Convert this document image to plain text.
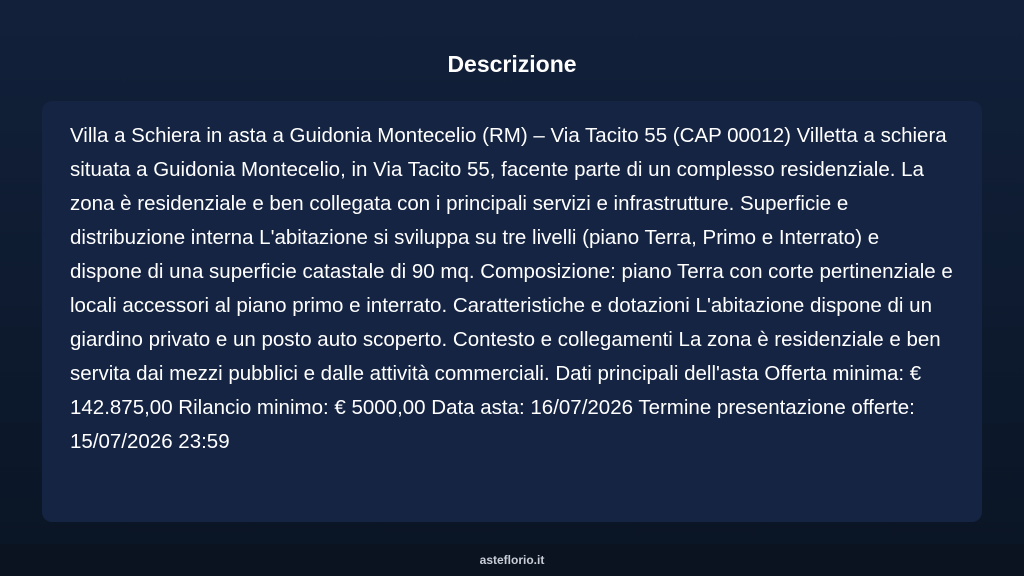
Descrizione

Villa a Schiera in asta a Guidonia Montecelio (RM) – Via Tacito 55 (CAP 00012) Villetta a schiera situata a Guidonia Montecelio, in Via Tacito 55, facente parte di un complesso residenziale. La zona è residenziale e ben collegata con i principali servizi e infrastrutture. Superficie e distribuzione interna L'abitazione si sviluppa su tre livelli (piano Terra, Primo e Interrato) e dispone di una superficie catastale di 90 mq. Composizione: piano Terra con corte pertinenziale e locali accessori al piano primo e interrato. Caratteristiche e dotazioni L'abitazione dispone di un giardino privato e un posto auto scoperto. Contesto e collegamenti La zona è residenziale e ben servita dai mezzi pubblici e dalle attività commerciali. Dati principali dell'asta Offerta minima: € 142.875,00 Rilancio minimo: € 5000,00 Data asta: 16/07/2026 Termine presentazione offerte: 15/07/2026 23:59

asteflorio.it
